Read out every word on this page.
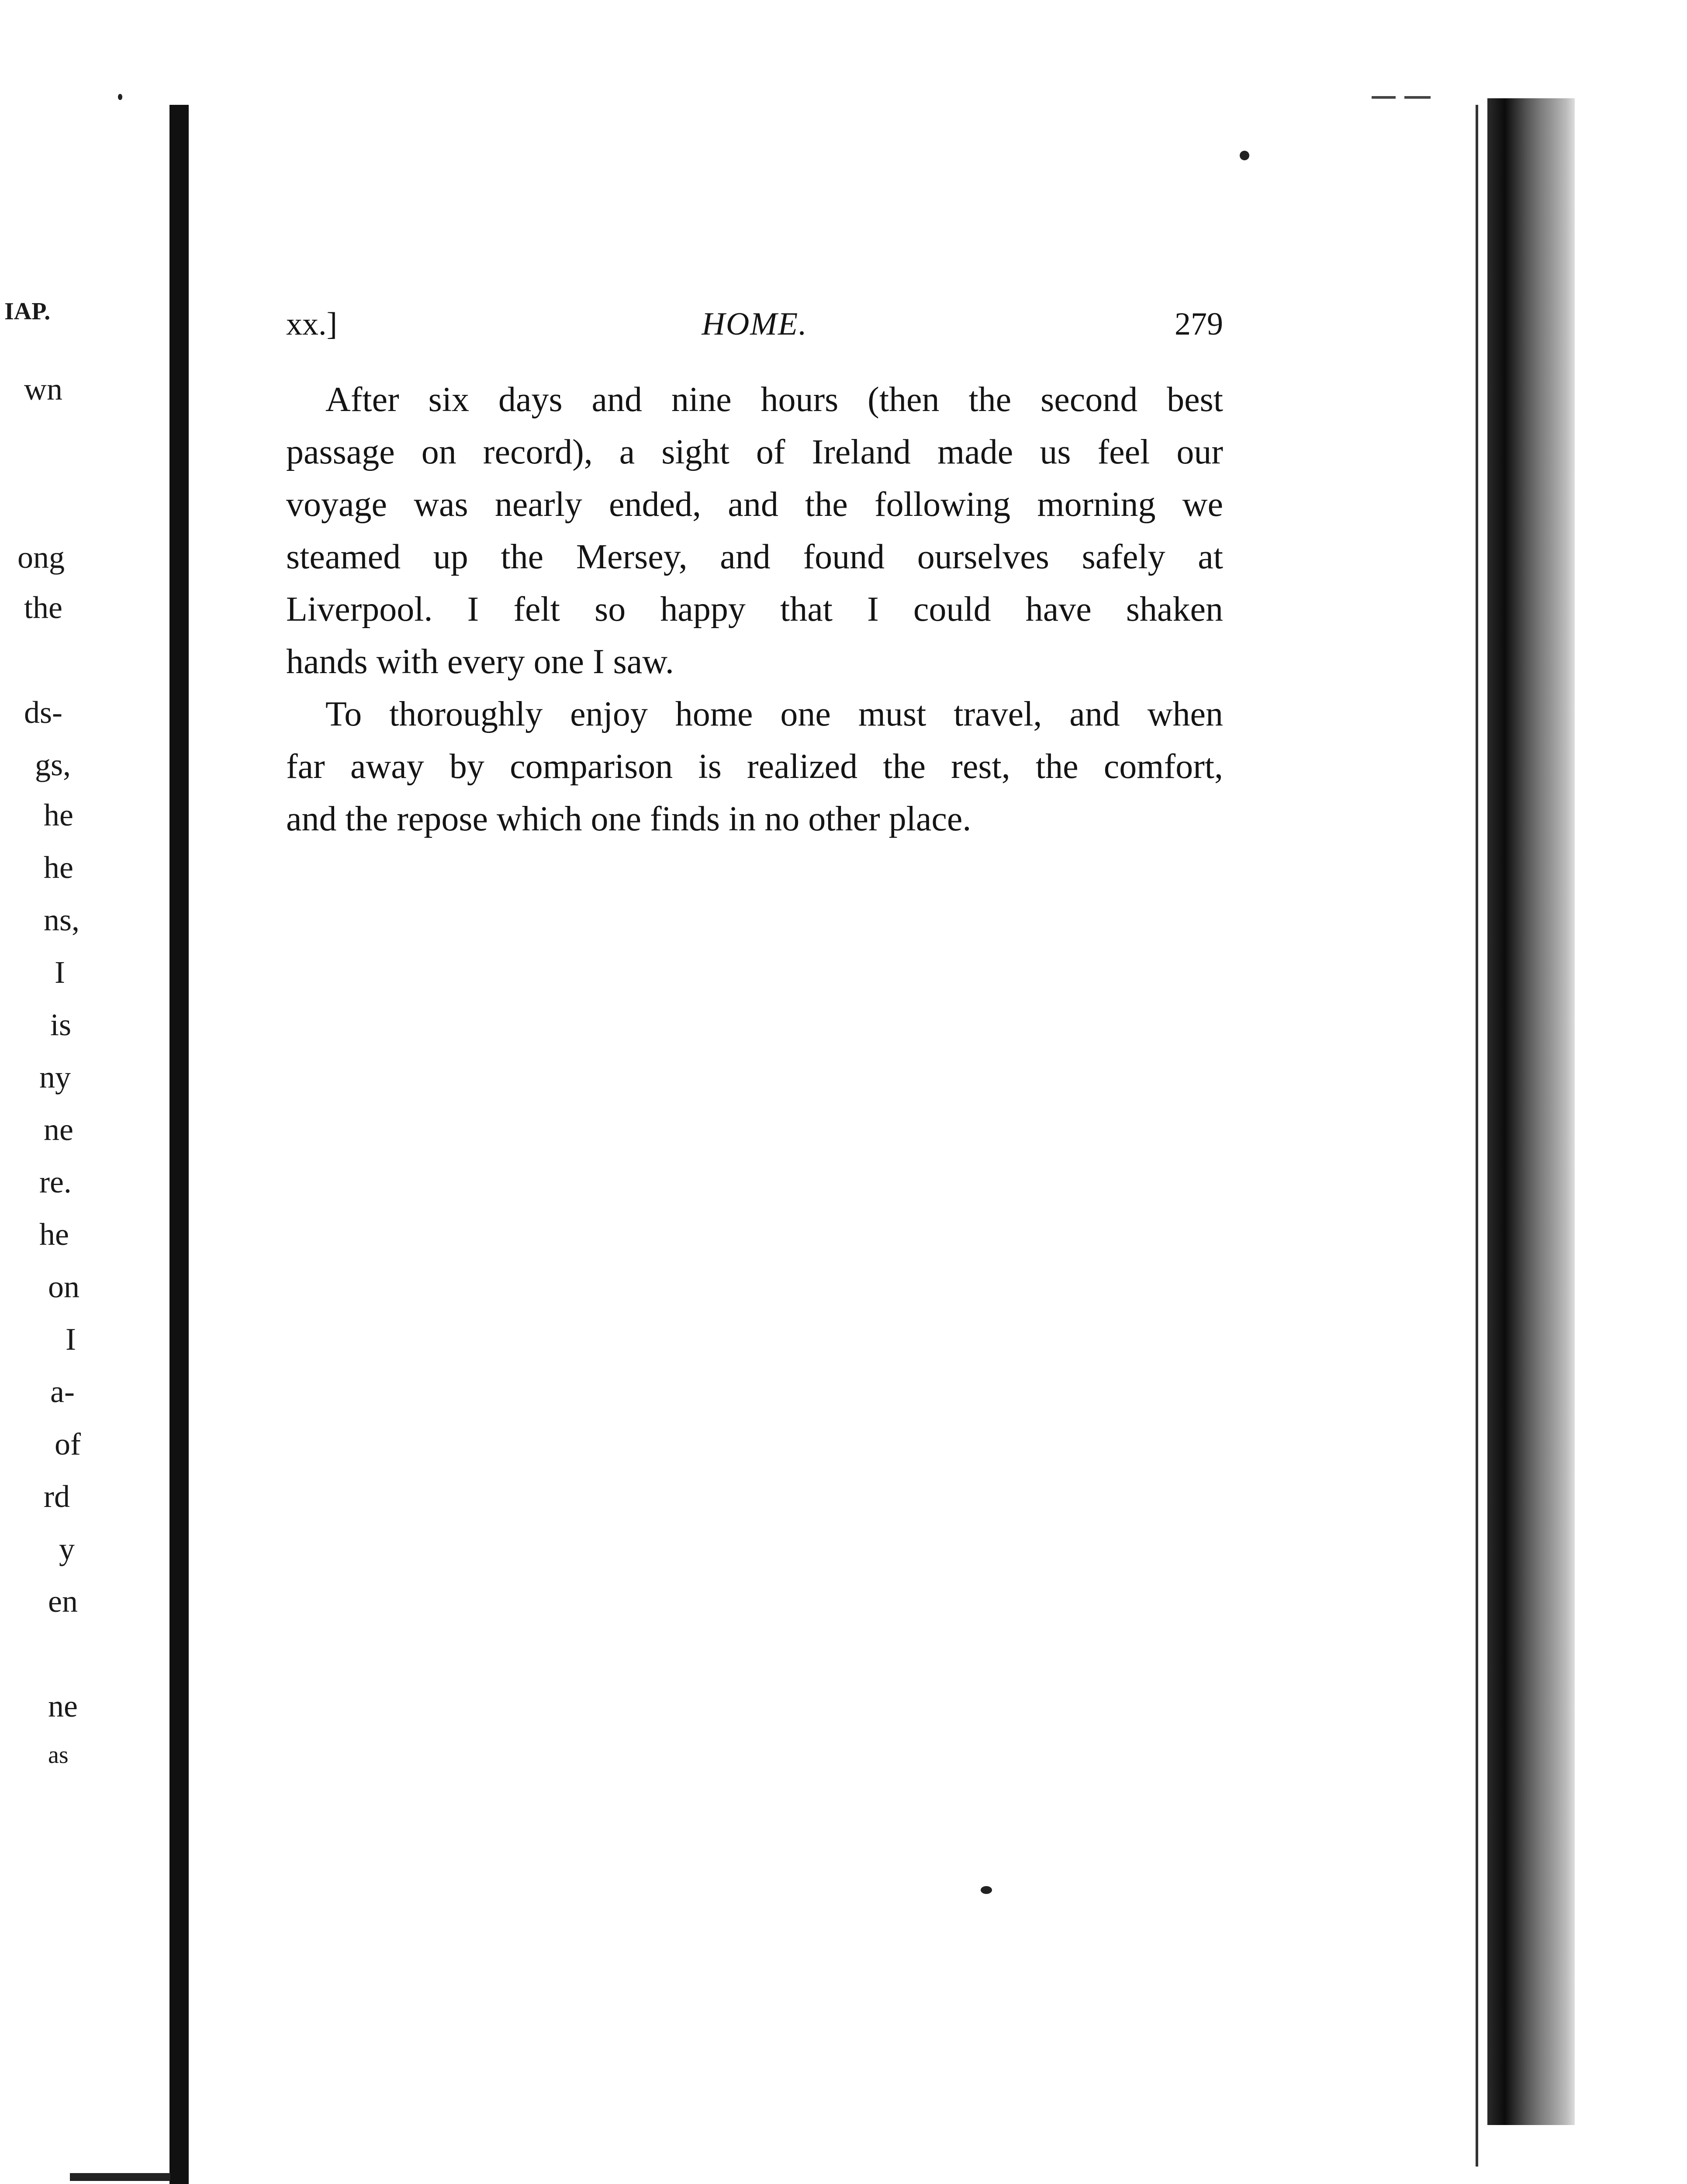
IAP.
wn
ong
the
ds-
gs,
he
he
ns,
I
is
ny
ne
re.
he
on
I
a-
of
rd
y
en
ne
as
xx.]	HOME.	279
After six days and nine hours (then the second best
passage on record), a sight of Ireland made us feel our
voyage was nearly ended, and the following morning we
steamed up the Mersey, and found ourselves safely at
Liverpool. I felt so happy that I could have shaken
hands with every one I saw.
To thoroughly enjoy home one must travel, and when
far away by comparison is realized the rest, the comfort,
and the repose which one finds in no other place.
